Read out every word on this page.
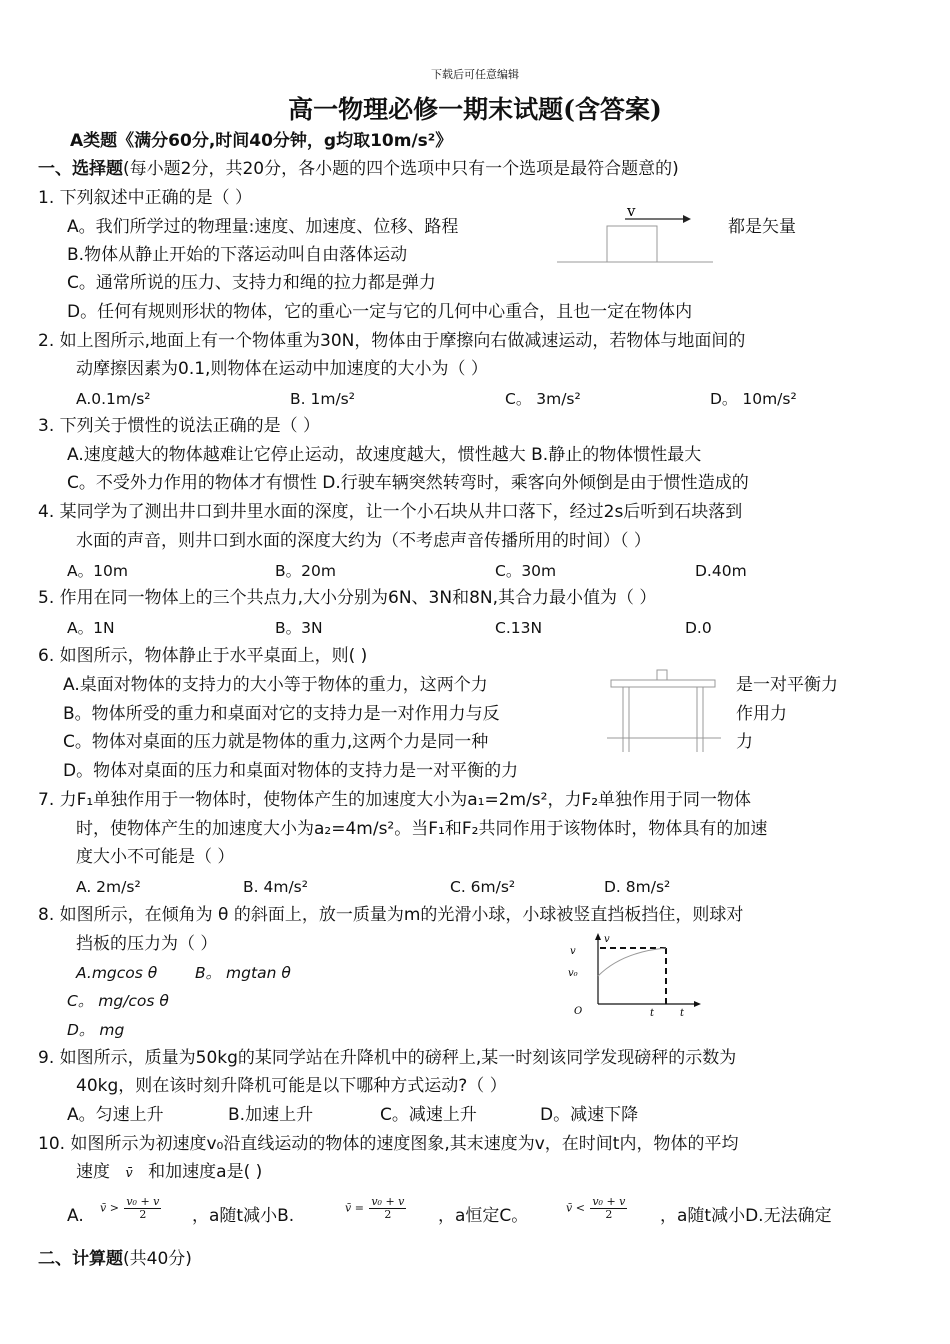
下载后可任意编辑
高一物理必修一期末试题(含答案)
A类题《满分60分,时间40分钟，g均取10m/s²》
一、选择题(每小题2分，共20分，各小题的四个选项中只有一个选项是最符合题意的)
1. 下列叙述中正确的是（ ）
A。我们所学过的物理量:速度、加速度、位移、路程	都是矢量
B.物体从静止开始的下落运动叫自由落体运动
C。通常所说的压力、支持力和绳的拉力都是弹力
D。任何有规则形状的物体，它的重心一定与它的几何中心重合，且也一定在物体内
v
2. 如上图所示,地面上有一个物体重为30N，物体由于摩擦向右做减速运动，若物体与地面间的
动摩擦因素为0.1,则物体在运动中加速度的大小为（ ）
A.0.1m/s²	B. 1m/s²	C。 3m/s²	D。 10m/s²
3. 下列关于惯性的说法正确的是（ ）
A.速度越大的物体越难让它停止运动，故速度越大，惯性越大 B.静止的物体惯性最大
C。不受外力作用的物体才有惯性 D.行驶车辆突然转弯时，乘客向外倾倒是由于惯性造成的
4. 某同学为了测出井口到井里水面的深度，让一个小石块从井口落下，经过2s后听到石块落到
水面的声音，则井口到水面的深度大约为（不考虑声音传播所用的时间）（ ）
A。10m	B。20m	C。30m	D.40m
5. 作用在同一物体上的三个共点力,大小分别为6N、3N和8N,其合力最小值为（ ）
A。1N	B。3N	C.13N	D.0
6. 如图所示，物体静止于水平桌面上，则( )
A.桌面对物体的支持力的大小等于物体的重力，这两个力	是一对平衡力
B。物体所受的重力和桌面对它的支持力是一对作用力与反	作用力
C。物体对桌面的压力就是物体的重力,这两个力是同一种	力
D。物体对桌面的压力和桌面对物体的支持力是一对平衡的力
7. 力F₁单独作用于一物体时，使物体产生的加速度大小为a₁=2m/s²，力F₂单独作用于同一物体
时，使物体产生的加速度大小为a₂=4m/s²。当F₁和F₂共同作用于该物体时，物体具有的加速
度大小不可能是（ ）
A. 2m/s²	B. 4m/s²	C. 6m/s²	D. 8m/s²
8. 如图所示，在倾角为 θ 的斜面上，放一质量为m的光滑小球，小球被竖直挡板挡住，则球对
挡板的压力为（ ）
A.mgcos θ B。 mgtan θ
C。 mg/cos θ
D。 mg
v
v
v₀
O	t	t
9. 如图所示，质量为50kg的某同学站在升降机中的磅秤上,某一时刻该同学发现磅秤的示数为
40kg，则在该时刻升降机可能是以下哪种方式运动?（ ）
A。匀速上升	B.加速上升	C。减速上升	D。减速下降
10. 如图所示为初速度v₀沿直线运动的物体的速度图象,其末速度为v，在时间t内，物体的平均
速度 v̄ 和加速度a是( )
A. v̄ > $\frac{\text{v₀ + v}}{2}$ ，a随t减小B.	v̄ = $\frac{\text{v₀ + v}}{2}$ ，a恒定C。	v̄ < $\frac{\text{v₀ + v}}{2}$ ，a随t减小D.无法确定
二、计算题(共40分)
